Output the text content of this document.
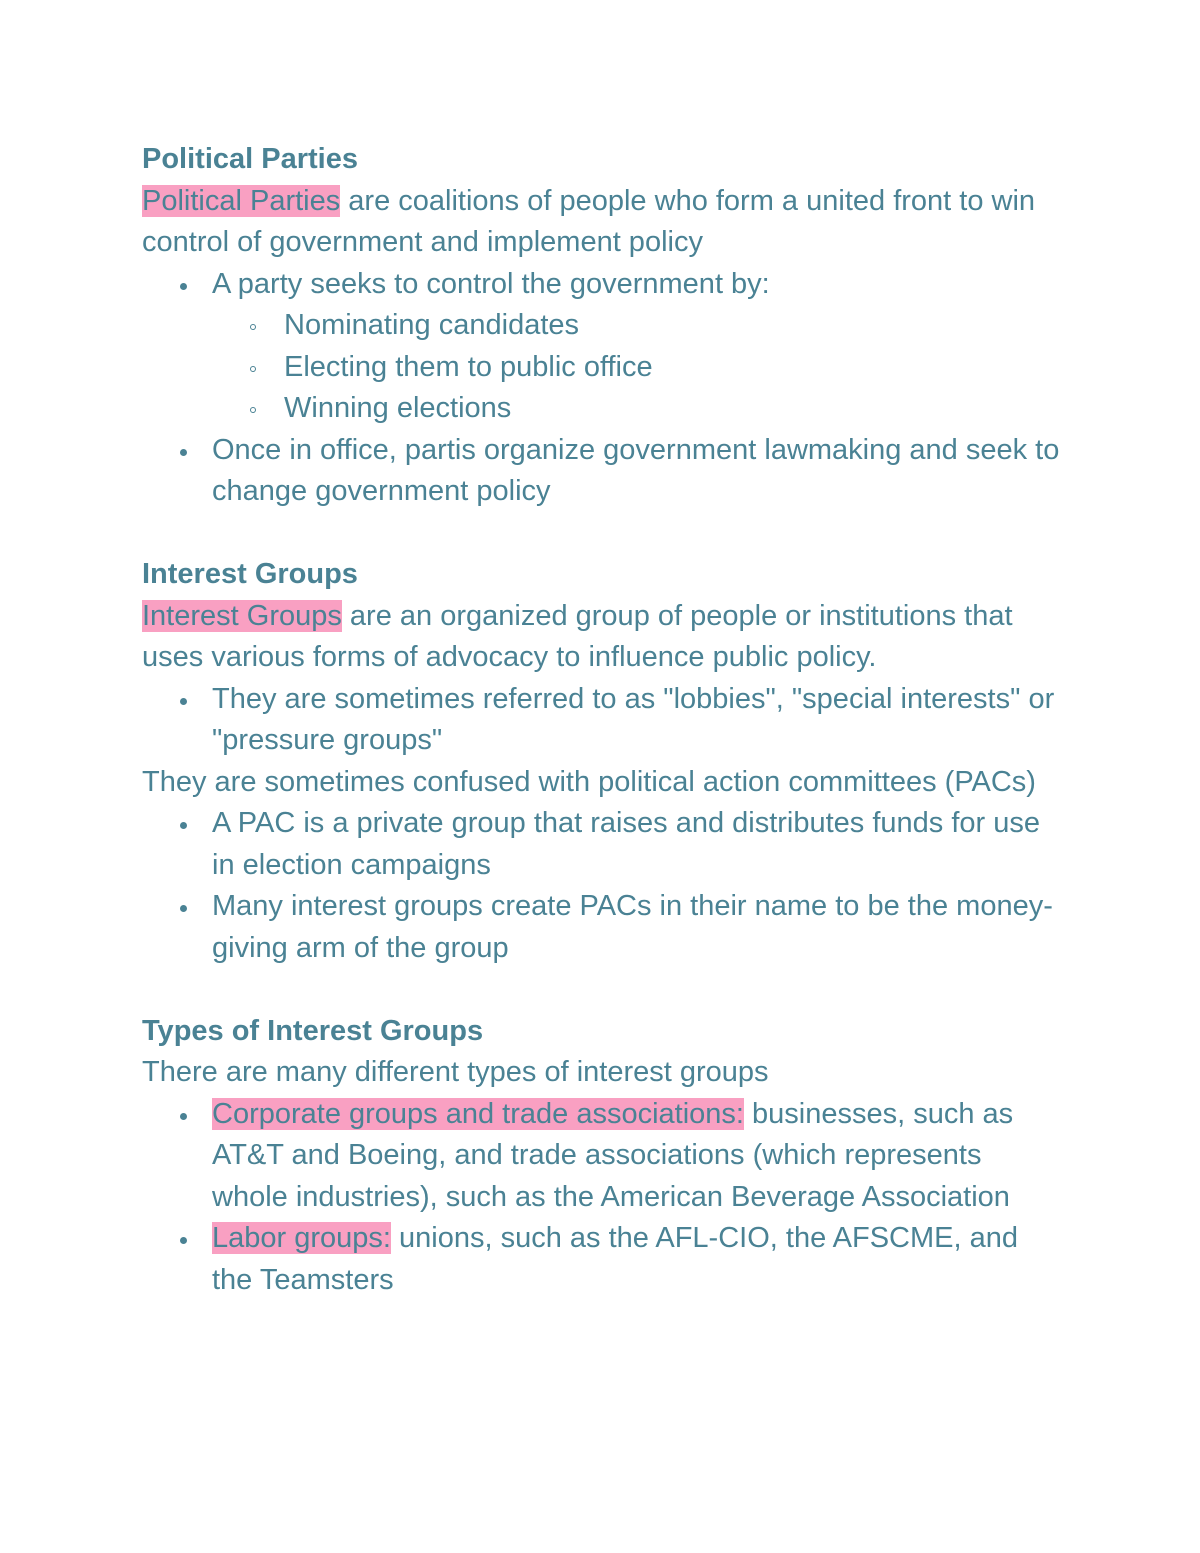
Political Parties

Political Parties are coalitions of people who form a united front to win control of government and implement policy

A party seeks to control the government by:
Nominating candidates
Electing them to public office
Winning elections
Once in office, partis organize government lawmaking and seek to change government policy
Interest Groups

Interest Groups are an organized group of people or institutions that uses various forms of advocacy to influence public policy.

They are sometimes referred to as "lobbies", "special interests" or "pressure groups"

They are sometimes confused with political action committees (PACs)

A PAC is a private group that raises and distributes funds for use in election campaigns
Many interest groups create PACs in their name to be the money-giving arm of the group
Types of Interest Groups

There are many different types of interest groups

Corporate groups and trade associations: businesses, such as AT&T and Boeing, and trade associations (which represents whole industries), such as the American Beverage Association
Labor groups: unions, such as the AFL-CIO, the AFSCME, and the Teamsters
